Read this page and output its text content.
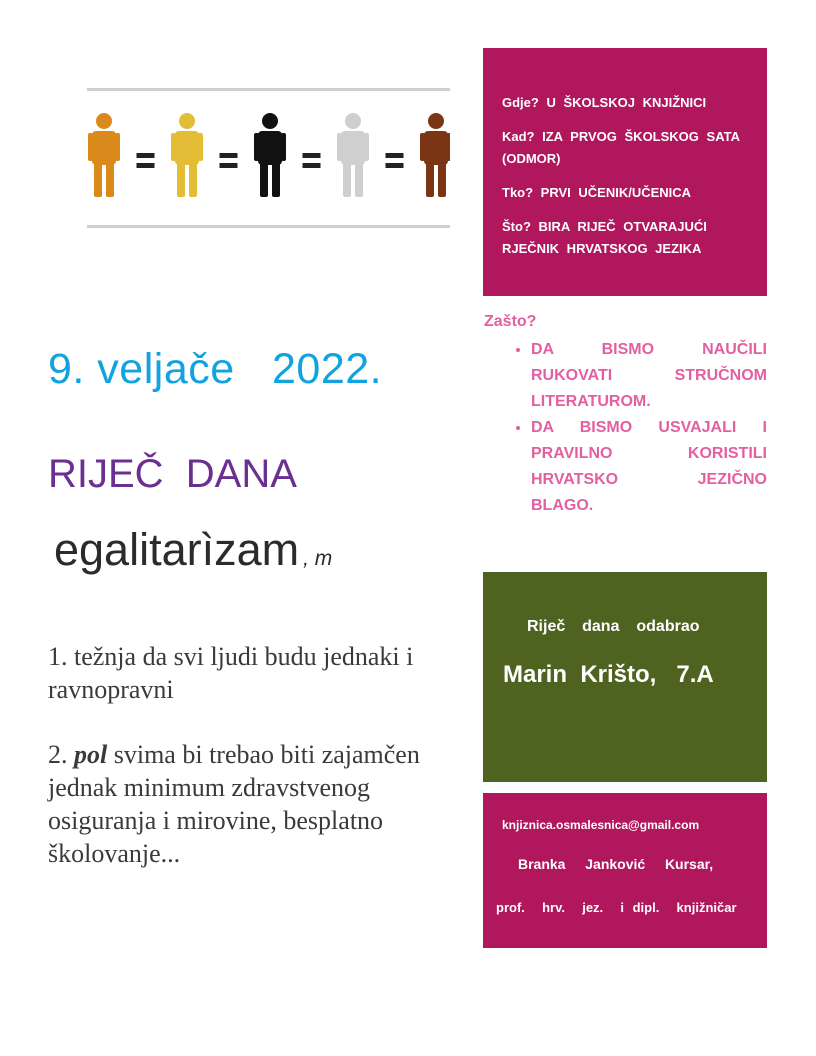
9. veljače   2022.
RIJEČ  DANA
egalitarìzam , m
1. težnja da svi ljudi budu jednaki i ravnopravni
2. pol svima bi trebao biti zajamčen jednak minimum zdravstvenog osiguranja i mirovine, besplatno školovanje...

Gdje? U ŠKOLSKOJ KNJIŽNICI

Kad? IZA PRVOG ŠKOLSKOG SATA (ODMOR)

Tko? PRVI UČENIK/UČENICA

Što? BIRA RIJEČ OTVARAJUĆI RJEČNIK HRVATSKOG JEZIKA

Zašto?
• DA BISMO NAUČILI RUKOVATI STRUČNOM LITERATUROM.
• DA BISMO USVAJALI I PRAVILNO KORISTILI HRVATSKO JEZIČNO BLAGO.
Riječ  dana  odabrao
Marin  Krišto,   7.A
knjiznica.osmalesnica@gmail.com
Branka  Janković  Kursar,
prof.  hrv.  jez.  i dipl.  knjižničar
